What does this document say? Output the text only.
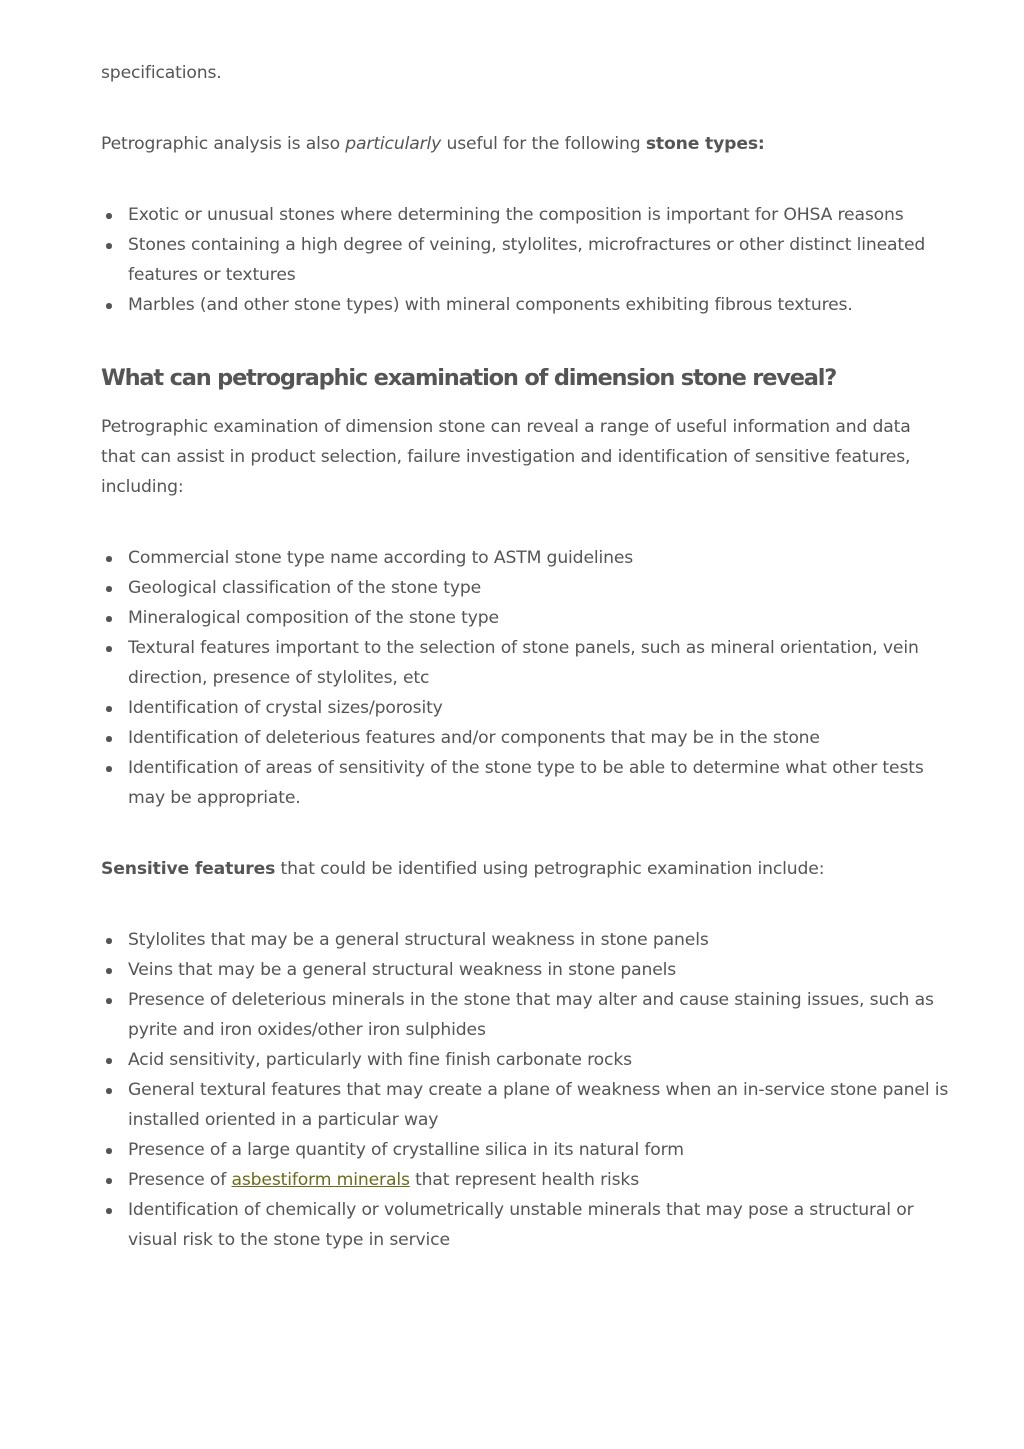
specifications.

Petrographic analysis is also particularly useful for the following stone types:

Exotic or unusual stones where determining the composition is important for OHSA reasons
Stones containing a high degree of veining, stylolites, microfractures or other distinct lineated features or textures
Marbles (and other stone types) with mineral components exhibiting fibrous textures.
What can petrographic examination of dimension stone reveal?

Petrographic examination of dimension stone can reveal a range of useful information and data that can assist in product selection, failure investigation and identification of sensitive features, including:

Commercial stone type name according to ASTM guidelines
Geological classification of the stone type
Mineralogical composition of the stone type
Textural features important to the selection of stone panels, such as mineral orientation, vein direction, presence of stylolites, etc
Identification of crystal sizes/porosity
Identification of deleterious features and/or components that may be in the stone
Identification of areas of sensitivity of the stone type to be able to determine what other tests may be appropriate.

Sensitive features that could be identified using petrographic examination include:

Stylolites that may be a general structural weakness in stone panels
Veins that may be a general structural weakness in stone panels
Presence of deleterious minerals in the stone that may alter and cause staining issues, such as pyrite and iron oxides/other iron sulphides
Acid sensitivity, particularly with fine finish carbonate rocks
General textural features that may create a plane of weakness when an in-service stone panel is installed oriented in a particular way
Presence of a large quantity of crystalline silica in its natural form
Presence of asbestiform minerals that represent health risks
Identification of chemically or volumetrically unstable minerals that may pose a structural or visual risk to the stone type in service
